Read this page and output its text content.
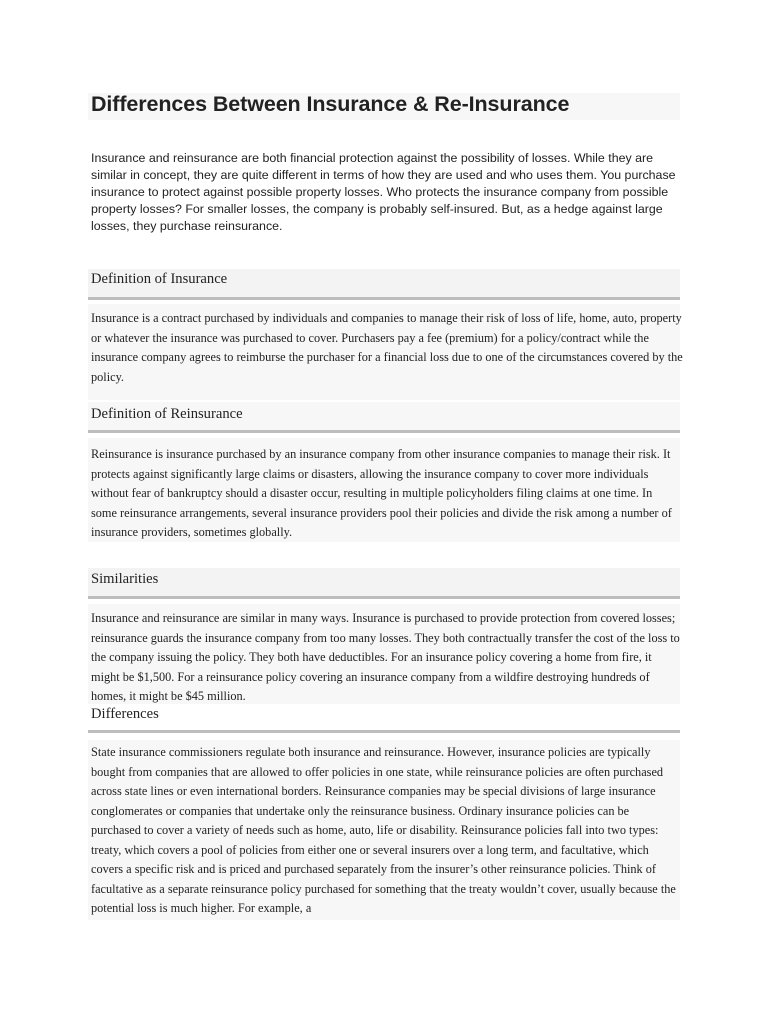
Differences Between Insurance & Re-Insurance

Insurance and reinsurance are both financial protection against the possibility of losses. While they are similar in concept, they are quite different in terms of how they are used and who uses them. You purchase insurance to protect against possible property losses. Who protects the insurance company from possible property losses? For smaller losses, the company is probably self-insured. But, as a hedge against large losses, they purchase reinsurance.

Definition of Insurance

Insurance is a contract purchased by individuals and companies to manage their risk of loss of life, home, auto, property or whatever the insurance was purchased to cover. Purchasers pay a fee (premium) for a policy/contract while the insurance company agrees to reimburse the purchaser for a financial loss due to one of the circumstances covered by the policy.

Definition of Reinsurance

Reinsurance is insurance purchased by an insurance company from other insurance companies to manage their risk. It protects against significantly large claims or disasters, allowing the insurance company to cover more individuals without fear of bankruptcy should a disaster occur, resulting in multiple policyholders filing claims at one time. In some reinsurance arrangements, several insurance providers pool their policies and divide the risk among a number of insurance providers, sometimes globally.

Similarities

Insurance and reinsurance are similar in many ways. Insurance is purchased to provide protection from covered losses; reinsurance guards the insurance company from too many losses. They both contractually transfer the cost of the loss to the company issuing the policy. They both have deductibles. For an insurance policy covering a home from fire, it might be $1,500. For a reinsurance policy covering an insurance company from a wildfire destroying hundreds of homes, it might be $45 million.

Differences

State insurance commissioners regulate both insurance and reinsurance. However, insurance policies are typically bought from companies that are allowed to offer policies in one state, while reinsurance policies are often purchased across state lines or even international borders. Reinsurance companies may be special divisions of large insurance conglomerates or companies that undertake only the reinsurance business. Ordinary insurance policies can be purchased to cover a variety of needs such as home, auto, life or disability. Reinsurance policies fall into two types: treaty, which covers a pool of policies from either one or several insurers over a long term, and facultative, which covers a specific risk and is priced and purchased separately from the insurer’s other reinsurance policies. Think of facultative as a separate reinsurance policy purchased for something that the treaty wouldn’t cover, usually because the potential loss is much higher. For example, a
